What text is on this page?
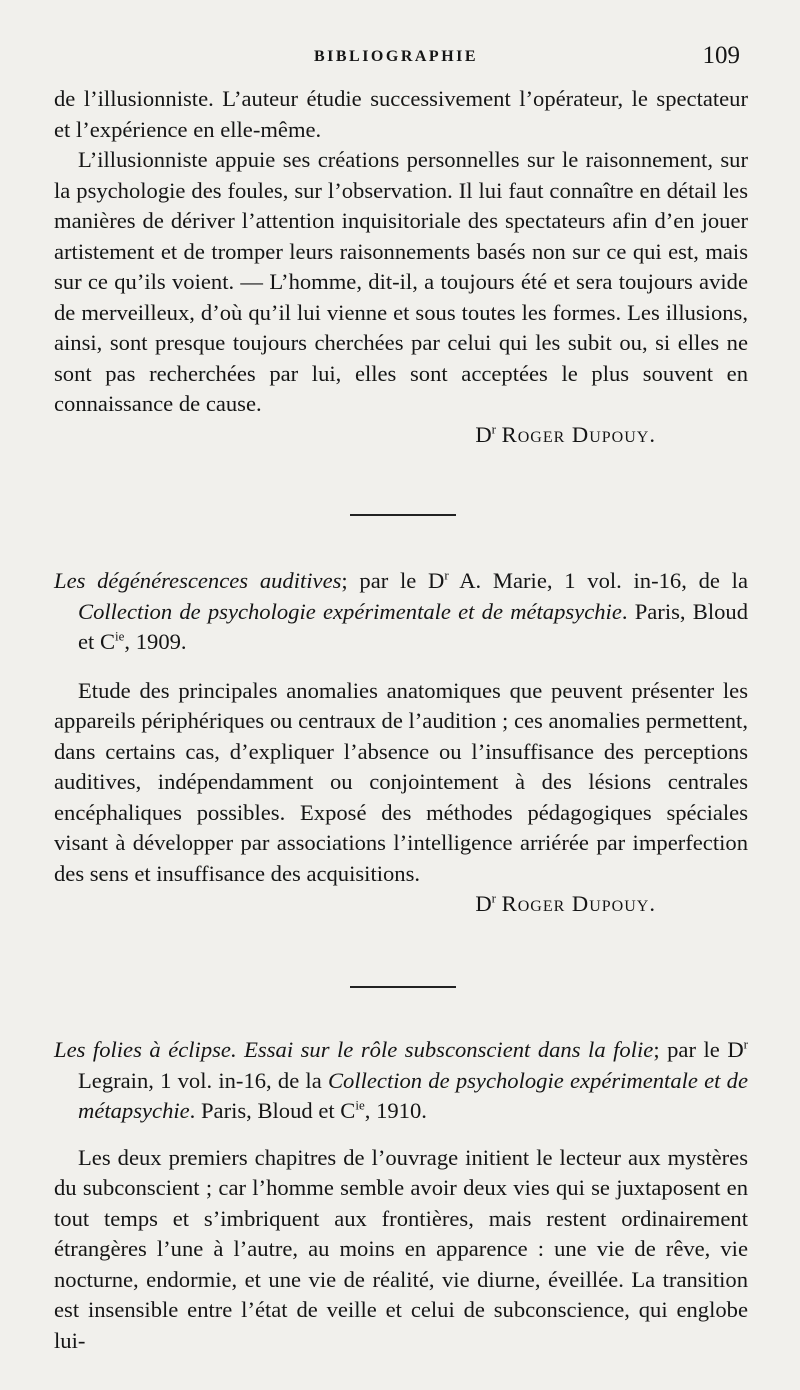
BIBLIOGRAPHIE	109

de l’illusionniste. L’auteur étudie successivement l’opérateur, le spectateur et l’expérience en elle-même.

L’illusionniste appuie ses créations personnelles sur le raisonnement, sur la psychologie des foules, sur l’observation. Il lui faut connaître en détail les manières de dériver l’attention inquisitoriale des spectateurs afin d’en jouer artistement et de tromper leurs raisonnements basés non sur ce qui est, mais sur ce qu’ils voient. — L’homme, dit-il, a toujours été et sera toujours avide de merveilleux, d’où qu’il lui vienne et sous toutes les formes. Les illusions, ainsi, sont presque toujours cherchées par celui qui les subit ou, si elles ne sont pas recherchées par lui, elles sont acceptées le plus souvent en connaissance de cause.

$D^r$ Roger Dupouy.
Les dégénérescences auditives; par le $D^r$ A. Marie, 1 vol. in-16, de la Collection de psychologie expérimentale et de métapsychie. Paris, Bloud et $C^{ie}$, 1909.

Etude des principales anomalies anatomiques que peuvent présenter les appareils périphériques ou centraux de l’audition ; ces anomalies permettent, dans certains cas, d’expliquer l’absence ou l’insuffisance des perceptions auditives, indépendamment ou conjointement à des lésions centrales encéphaliques possibles. Exposé des méthodes pédagogiques spéciales visant à développer par associations l’intelligence arriérée par imperfection des sens et insuffisance des acquisitions.

$D^r$ Roger Dupouy.
Les folies à éclipse. Essai sur le rôle subsconscient dans la folie; par le $D^r$ Legrain, 1 vol. in-16, de la Collection de psychologie expérimentale et de métapsychie. Paris, Bloud et $C^{ie}$, 1910.

Les deux premiers chapitres de l’ouvrage initient le lecteur aux mystères du subconscient ; car l’homme semble avoir deux vies qui se juxtaposent en tout temps et s’imbriquent aux frontières, mais restent ordinairement étrangères l’une à l’autre, au moins en apparence : une vie de rêve, vie nocturne, endormie, et une vie de réalité, vie diurne, éveillée. La transition est insensible entre l’état de veille et celui de subconscience, qui englobe lui-
